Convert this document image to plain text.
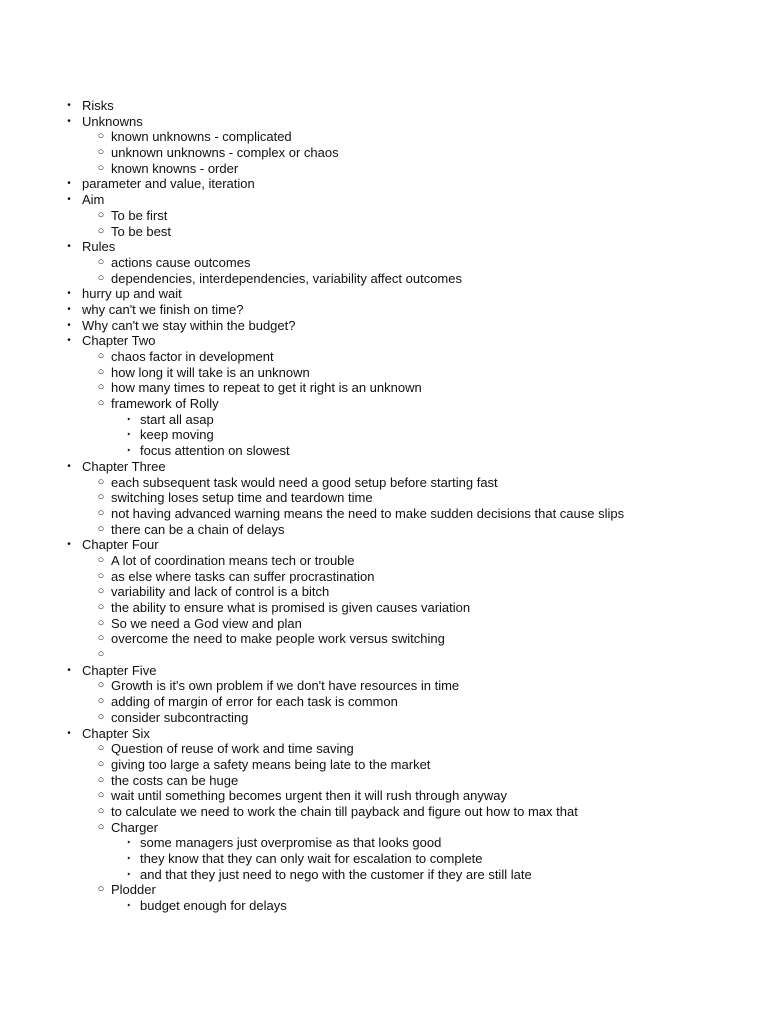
• Risks
• Unknowns
○ known unknowns - complicated
○ unknown unknowns - complex or chaos
○ known knowns - order
• parameter and value, iteration
• Aim
○ To be first
○ To be best
• Rules
○ actions cause outcomes
○ dependencies, interdependencies, variability affect outcomes
• hurry up and wait
• why can't we finish on time?
• Why can't we stay within the budget?
• Chapter Two
○ chaos factor in development
○ how long it will take is an unknown
○ how many times to repeat to get it right is an unknown
○ framework of Rolly
‣ start all asap
‣ keep moving
‣ focus attention on slowest
• Chapter Three
○ each subsequent task would need a good setup before starting fast
○ switching loses setup time and teardown time
○ not having advanced warning means the need to make sudden decisions that cause slips
○ there can be a chain of delays
• Chapter Four
○ A lot of coordination means tech or trouble
○ as else where tasks can suffer procrastination
○ variability and lack of control is a bitch
○ the ability to ensure what is promised is given causes variation
○ So we need a God view and plan
○ overcome the need to make people work versus switching
○
• Chapter Five
○ Growth is it's own problem if we don't have resources in time
○ adding of margin of error for each task is common
○ consider subcontracting
• Chapter Six
○ Question of reuse of work and time saving
○ giving too large a safety means being late to the market
○ the costs can be huge
○ wait until something becomes urgent then it will rush through anyway
○ to calculate we need to work the chain till payback and figure out how to max that
○ Charger
‣ some managers just overpromise as that looks good
‣ they know that they can only wait for escalation to complete
‣ and that they just need to nego with the customer if they are still late
○ Plodder
‣ budget enough for delays
